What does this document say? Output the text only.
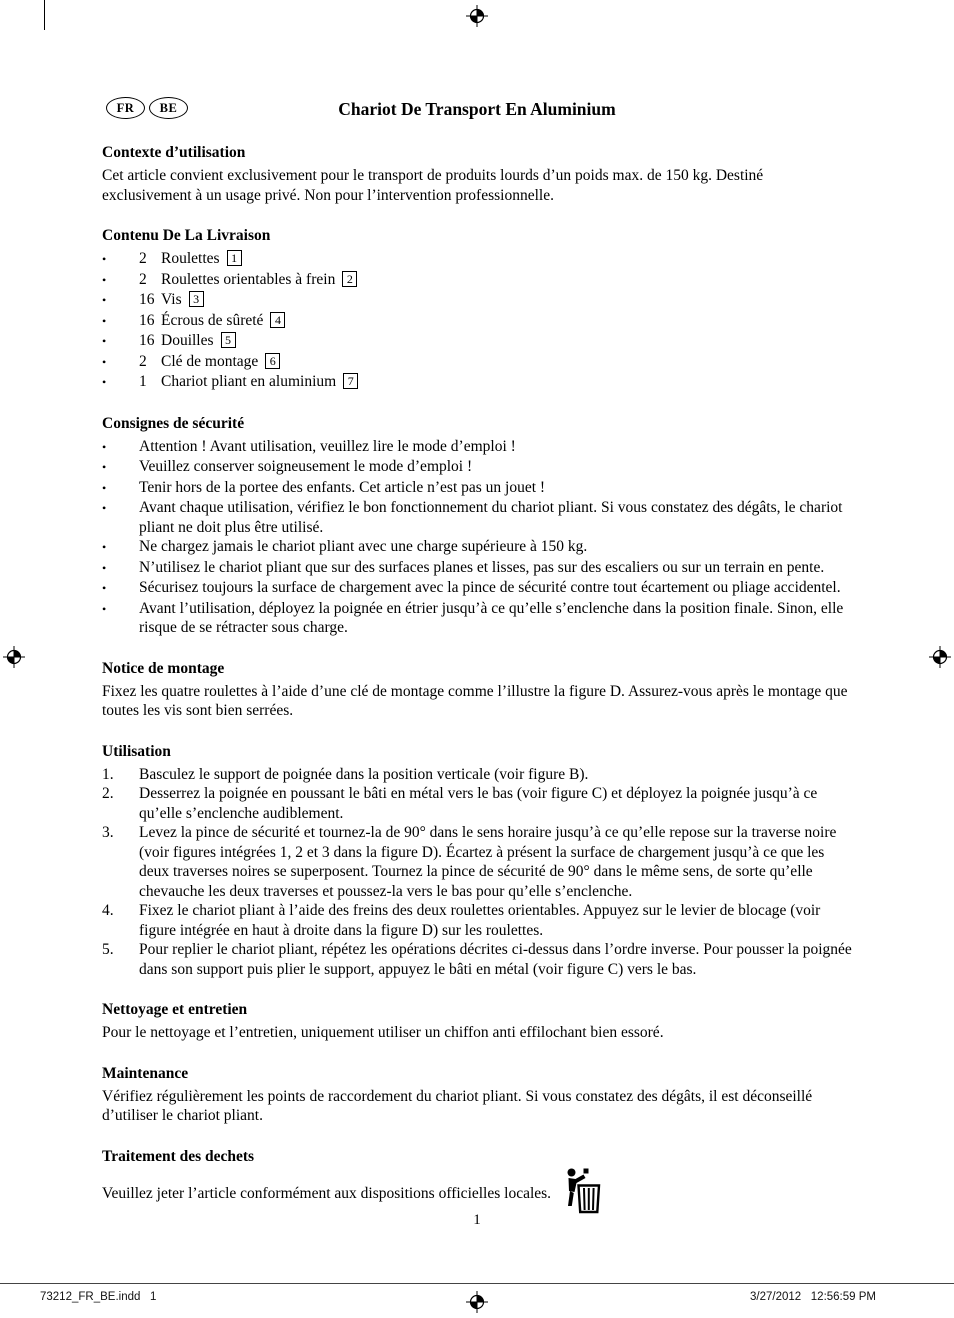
FR	BE	Chariot De Transport En Aluminium
Contexte d’utilisation

Cet article convient exclusivement pour le transport de produits lourds d’un poids max. de 150 kg. Destiné exclusivement à un usage privé. Non pour l’intervention professionnelle.

Contenu De La Livraison
•	2 Roulettes 1
•	2 Roulettes orientables à frein 2
•	16 Vis 3
•	16 Écrous de sûreté 4
•	16 Douilles 5
•	2 Clé de montage 6
•	1 Chariot pliant en aluminium 7
Consignes de sécurité
•	Attention ! Avant utilisation, veuillez lire le mode d’emploi !
•	Veuillez conserver soigneusement le mode d’emploi !
•	Tenir hors de la portee des enfants. Cet article n’est pas un jouet !
•	Avant chaque utilisation, vérifiez le bon fonctionnement du chariot pliant. Si vous constatez des dégâts, le chariot pliant ne doit plus être utilisé.
•	Ne chargez jamais le chariot pliant avec une charge supérieure à 150 kg.
•	N’utilisez le chariot pliant que sur des surfaces planes et lisses, pas sur des escaliers ou sur un terrain en pente.
•	Sécurisez toujours la surface de chargement avec la pince de sécurité contre tout écartement ou pliage accidentel.
•	Avant l’utilisation, déployez la poignée en étrier jusqu’à ce qu’elle s’enclenche dans la position finale. Sinon, elle risque de se rétracter sous charge.
Notice de montage

Fixez les quatre roulettes à l’aide d’une clé de montage comme l’illustre la figure D. Assurez-vous après le montage que toutes les vis sont bien serrées.

Utilisation
1.	Basculez le support de poignée dans la position verticale (voir figure B).
2.	Desserrez la poignée en poussant le bâti en métal vers le bas (voir figure C) et déployez la poignée jusqu’à ce qu’elle s’enclenche audiblement.
3.	Levez la pince de sécurité et tournez-la de 90° dans le sens horaire jusqu’à ce qu’elle repose sur la traverse noire (voir figures intégrées 1, 2 et 3 dans la figure D). Écartez à présent la surface de chargement jusqu’à ce que les deux traverses noires se superposent. Tournez la pince de sécurité de 90° dans le même sens, de sorte qu’elle chevauche les deux traverses et poussez-la vers le bas pour qu’elle s’enclenche.
4.	Fixez le chariot pliant à l’aide des freins des deux roulettes orientables. Appuyez sur le levier de blocage (voir figure intégrée en haut à droite dans la figure D) sur les roulettes.
5.	Pour replier le chariot pliant, répétez les opérations décrites ci-dessus dans l’ordre inverse. Pour pousser la poignée dans son support puis plier le support, appuyez le bâti en métal (voir figure C) vers le bas.
Nettoyage et entretien

Pour le nettoyage et l’entretien, uniquement utiliser un chiffon anti effilochant bien essoré.

Maintenance

Vérifiez régulièrement les points de raccordement du chariot pliant. Si vous constatez des dégâts, il est déconseillé d’utiliser le chariot pliant.

Traitement des dechets
Veuillez jeter l’article conformément aux dispositions officielles locales.
1
73212_FR_BE.indd   1	3/27/2012   12:56:59 PM
